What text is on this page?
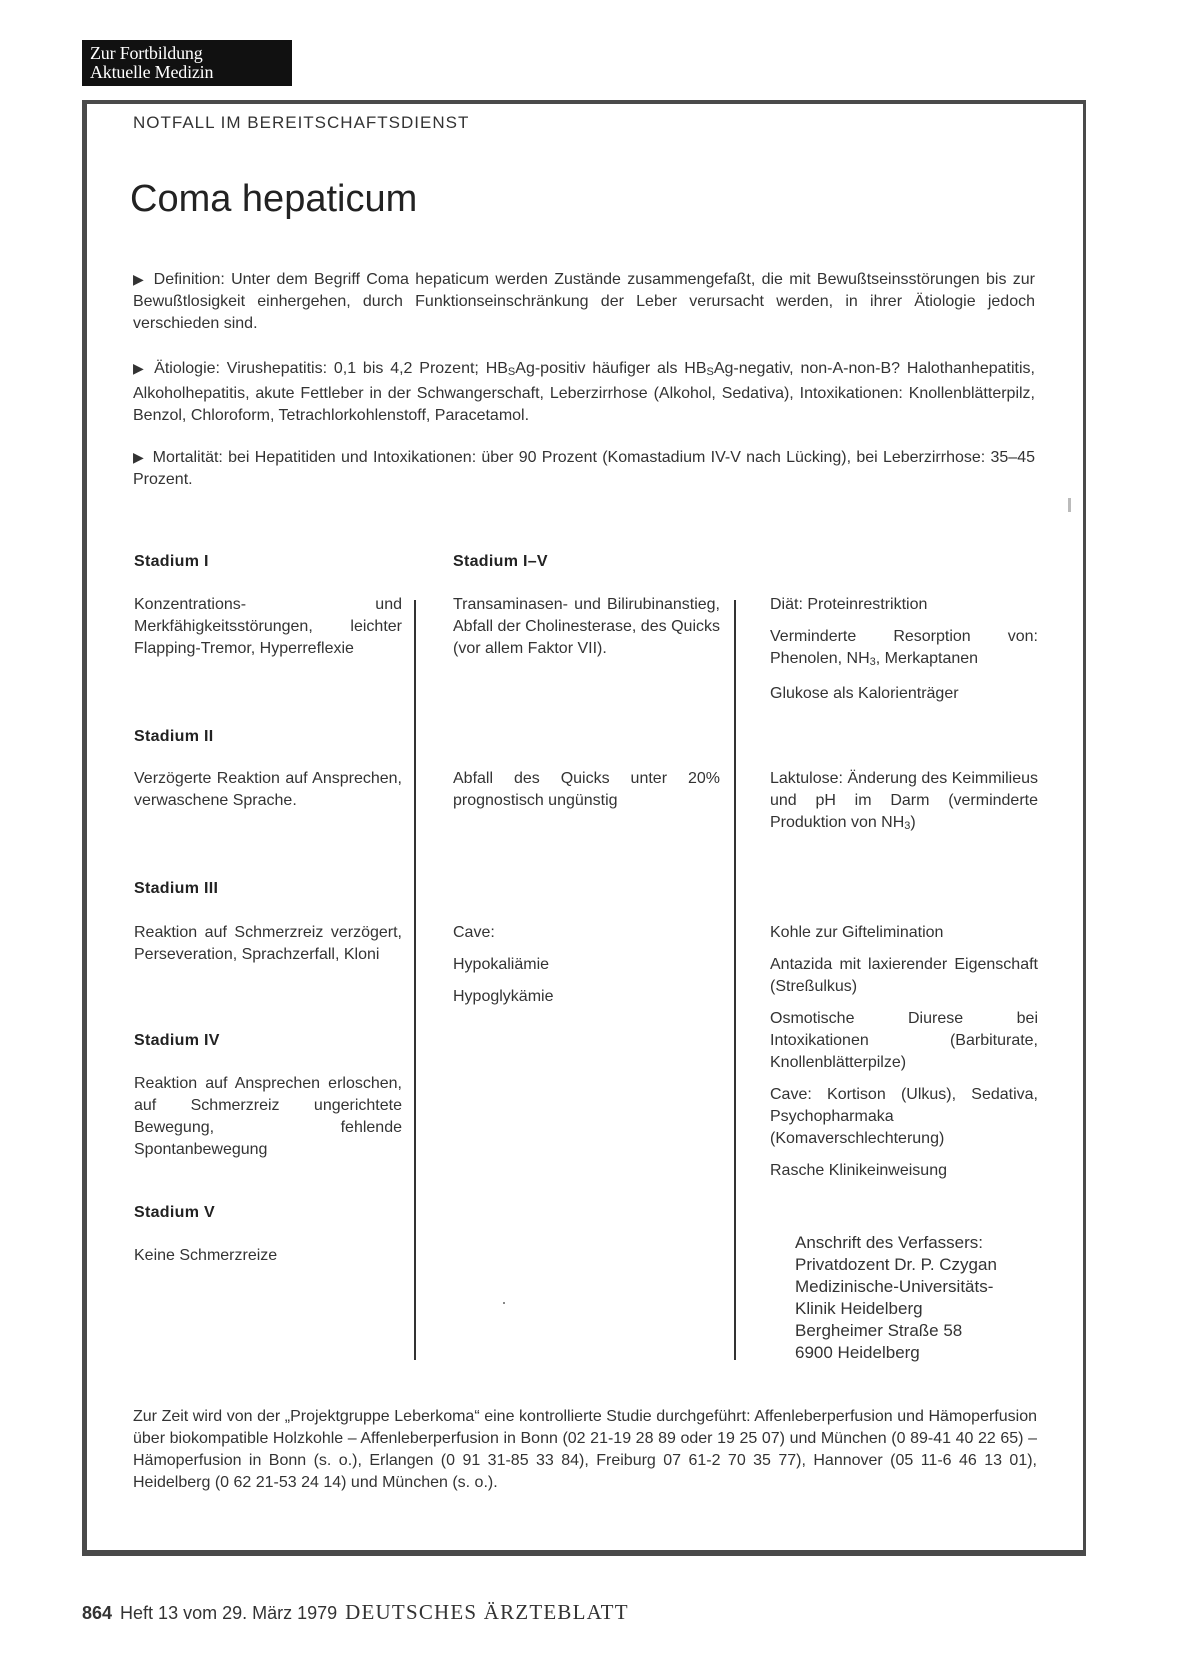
Zur Fortbildung
Aktuelle Medizin
NOTFALL IM BEREITSCHAFTSDIENST
Coma hepaticum
▶ Definition: Unter dem Begriff Coma hepaticum werden Zustände zusammengefaßt, die mit Bewußtseinsstörungen bis zur Bewußtlosigkeit einhergehen, durch Funktionseinschränkung der Leber verursacht werden, in ihrer Ätiologie jedoch verschieden sind.
▶ Ätiologie: Virushepatitis: 0,1 bis 4,2 Prozent; HBSAg-positiv häufiger als HBSAg-negativ, non-A-non-B? Halothanhepatitis, Alkoholhepatitis, akute Fettleber in der Schwangerschaft, Leberzirrhose (Alkohol, Sedativa), Intoxikationen: Knollenblätterpilz, Benzol, Chloroform, Tetrachlorkohlenstoff, Paracetamol.
▶ Mortalität: bei Hepatitiden und Intoxikationen: über 90 Prozent (Komastadium IV-V nach Lücking), bei Leberzirrhose: 35–45 Prozent.
Stadium I	Stadium I–V
Konzentrations- und Merkfähigkeitsstörungen, leichter Flapping-Tremor, Hyperreflexie
Transaminasen- und Bilirubinanstieg, Abfall der Cholinesterase, des Quicks (vor allem Faktor VII).

Diät: Proteinrestriktion

Verminderte Resorption von: Phenolen, NH3, Merkaptanen

Glukose als Kalorienträger

Stadium II
Verzögerte Reaktion auf Ansprechen, verwaschene Sprache.
Abfall des Quicks unter 20% prognostisch ungünstig
Laktulose: Änderung des Keimmilieus und pH im Darm (verminderte Produktion von NH3)
Stadium III
Reaktion auf Schmerzreiz verzögert, Perseveration, Sprachzerfall, Kloni

Cave:

Hypokaliämie

Hypoglykämie

Kohle zur Giftelimination

Antazida mit laxierender Eigenschaft (Streßulkus)

Osmotische Diurese bei Intoxikationen (Barbiturate, Knollenblätterpilze)

Cave: Kortison (Ulkus), Sedativa, Psychopharmaka (Komaverschlechterung)

Rasche Klinikeinweisung

Stadium IV
Reaktion auf Ansprechen erloschen, auf Schmerzreiz ungerichtete Bewegung, fehlende Spontanbewegung
Stadium V
Keine Schmerzreize
Anschrift des Verfassers:
Privatdozent Dr. P. Czygan
Medizinische-Universitäts-
Klinik Heidelberg
Bergheimer Straße 58
6900 Heidelberg
Zur Zeit wird von der „Projektgruppe Leberkoma“ eine kontrollierte Studie durchgeführt: Affenleberperfusion und Hämoperfusion über biokompatible Holzkohle – Affenleberperfusion in Bonn (02 21-19 28 89 oder 19 25 07) und München (0 89-41 40 22 65) – Hämoperfusion in Bonn (s. o.), Erlangen (0 91 31-85 33 84), Freiburg 07 61-2 70 35 77), Hannover (05 11-6 46 13 01), Heidelberg (0 62 21-53 24 14) und München (s. o.).
864 Heft 13 vom 29. März 1979 DEUTSCHES ÄRZTEBLATT
